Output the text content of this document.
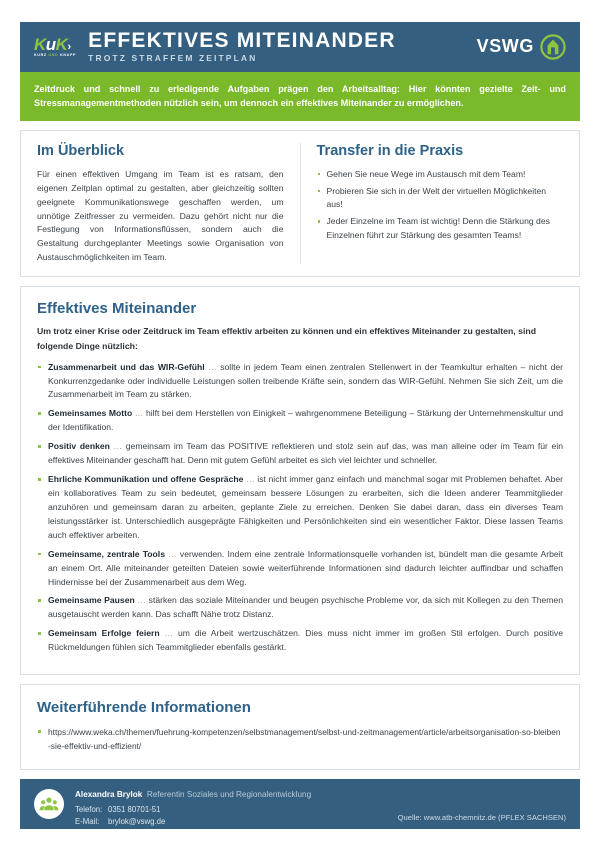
KuK›
KURZ UND KNAPP
EFFEKTIVES MITEINANDER
TROTZ STRAFFEM ZEITPLAN
VSWG
Zeitdruck und schnell zu erledigende Aufgaben prägen den Arbeitsalltag: Hier könnten gezielte Zeit- und Stressmanagementmethoden nützlich sein, um dennoch ein effektives Miteinander zu ermöglichen.
Im Überblick
Für einen effektiven Umgang im Team ist es ratsam, den eigenen Zeitplan optimal zu gestalten, aber gleichzeitig sollten geeignete Kommunikationswege geschaffen werden, um unnötige Zeitfresser zu vermeiden. Dazu gehört nicht nur die Festlegung von Informationsflüssen, sondern auch die Gestaltung durchgeplanter Meetings sowie Organisation von Austauschmöglichkeiten im Team.
Transfer in die Praxis
Gehen Sie neue Wege im Austausch mit dem Team!
Probieren Sie sich in der Welt der virtuellen Möglichkeiten aus!
Jeder Einzelne im Team ist wichtig! Denn die Stärkung des Einzelnen führt zur Stärkung des gesamten Teams!
Effektives Miteinander
Um trotz einer Krise oder Zeitdruck im Team effektiv arbeiten zu können und ein effektives Miteinander zu gestalten, sind folgende Dinge nützlich:
Zusammenarbeit und das WIR-Gefühl … sollte in jedem Team einen zentralen Stellenwert in der Teamkultur erhalten – nicht der Konkurrenzgedanke oder individuelle Leistungen sollen treibende Kräfte sein, sondern das WIR-Gefühl. Nehmen Sie sich Zeit, um die Zusammenarbeit im Team zu stärken.
Gemeinsames Motto … hilft bei dem Herstellen von Einigkeit – wahrgenommene Beteiligung – Stärkung der Unternehmenskultur und der Identifikation.
Positiv denken … gemeinsam im Team das POSITIVE reflektieren und stolz sein auf das, was man alleine oder im Team für ein effektives Miteinander geschafft hat. Denn mit gutem Gefühl arbeitet es sich viel leichter und schneller.
Ehrliche Kommunikation und offene Gespräche … ist nicht immer ganz einfach und manchmal sogar mit Problemen behaftet. Aber ein kollaboratives Team zu sein bedeutet, gemeinsam bessere Lösungen zu erarbeiten, sich die Ideen anderer Teammitglieder anzuhören und gemeinsam daran zu arbeiten, geplante Ziele zu erreichen. Denken Sie dabei daran, dass ein diverses Team leistungsstärker ist. Unterschiedlich ausgeprägte Fähigkeiten und Persönlichkeiten sind ein wesentlicher Faktor. Diese lassen Teams auch effektiver arbeiten.
Gemeinsame, zentrale Tools … verwenden. Indem eine zentrale Informationsquelle vorhanden ist, bündelt man die gesamte Arbeit an einem Ort. Alle miteinander geteilten Dateien sowie weiterführende Informationen sind dadurch leichter auffindbar und schaffen Hindernisse bei der Zusammenarbeit aus dem Weg.
Gemeinsame Pausen … stärken das soziale Miteinander und beugen psychische Probleme vor, da sich mit Kollegen zu den Themen ausgetauscht werden kann. Das schafft Nähe trotz Distanz.
Gemeinsam Erfolge feiern … um die Arbeit wertzuschätzen. Dies muss nicht immer im großen Stil erfolgen. Durch positive Rückmeldungen fühlen sich Teammitglieder ebenfalls gestärkt.
Weiterführende Informationen
https://www.weka.ch/themen/fuehrung-kompetenzen/selbstmanagement/selbst-und-zeitmanagement/article/arbeitsorganisation-so-bleiben-sie-effektiv-und-effizient/
Alexandra Brylok Referentin Soziales und Regionalentwicklung
Telefon: 0351 80701-51
E-Mail: brylok@vswg.de	Quelle: www.atb-chemnitz.de (PFLEX SACHSEN)
